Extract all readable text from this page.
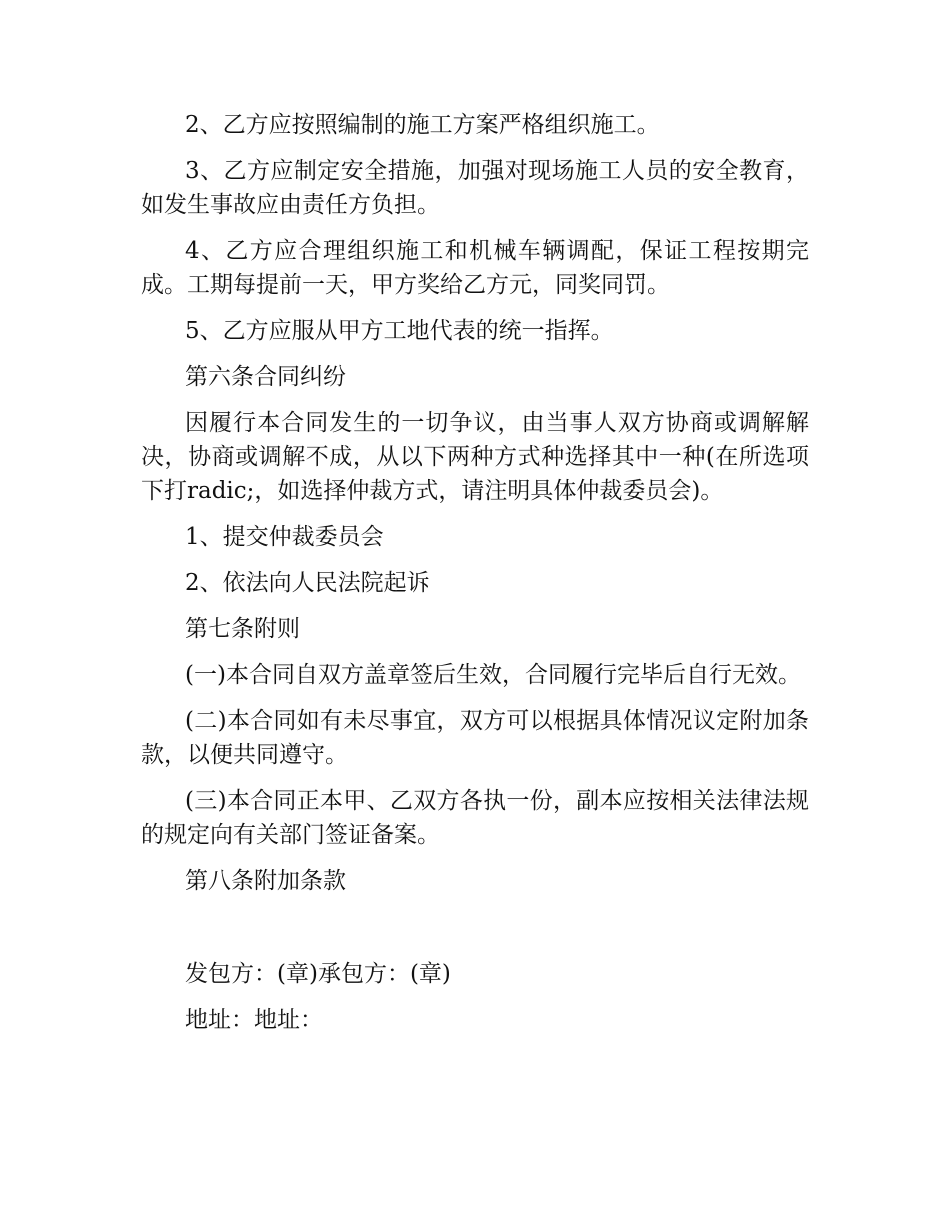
2、乙方应按照编制的施工方案严格组织施工。

3、乙方应制定安全措施，加强对现场施工人员的安全教育，如发生事故应由责任方负担。

4、乙方应合理组织施工和机械车辆调配，保证工程按期完成。工期每提前一天，甲方奖给乙方元，同奖同罚。

5、乙方应服从甲方工地代表的统一指挥。

第六条合同纠纷

因履行本合同发生的一切争议，由当事人双方协商或调解解决，协商或调解不成，从以下两种方式种选择其中一种(在所选项下打radic;，如选择仲裁方式，请注明具体仲裁委员会)。

1、提交仲裁委员会

2、依法向人民法院起诉

第七条附则

(一)本合同自双方盖章签后生效，合同履行完毕后自行无效。

(二)本合同如有未尽事宜，双方可以根据具体情况议定附加条款，以便共同遵守。

(三)本合同正本甲、乙双方各执一份，副本应按相关法律法规的规定向有关部门签证备案。

第八条附加条款

发包方：(章)承包方：(章)

地址：地址：
